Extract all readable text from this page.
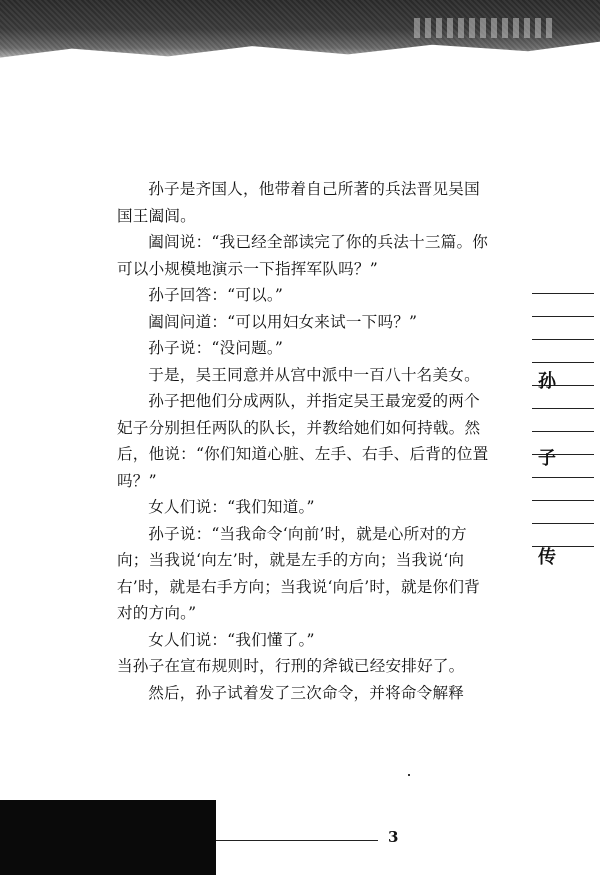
孙子是齐国人，他带着自己所著的兵法晋见吴国国王阖闾。

阖闾说：“我已经全部读完了你的兵法十三篇。你可以小规模地演示一下指挥军队吗？”

孙子回答：“可以。”

阖闾问道：“可以用妇女来试一下吗？”

孙子说：“没问题。”

于是，吴王同意并从宫中派中一百八十名美女。

孙子把他们分成两队，并指定吴王最宠爱的两个妃子分别担任两队的队长，并教给她们如何持戟。然后，他说：“你们知道心脏、左手、右手、后背的位置吗？”

女人们说：“我们知道。”

孙子说：“当我命令‘向前’时，就是心所对的方向；当我说‘向左’时，就是左手的方向；当我说‘向右’时，就是右手方向；当我说‘向后’时，就是你们背对的方向。”

女人们说：“我们懂了。”

当孙子在宣布规则时，行刑的斧钺已经安排好了。

然后，孙子试着发了三次命令，并将命令解释

孙
子
传
3
